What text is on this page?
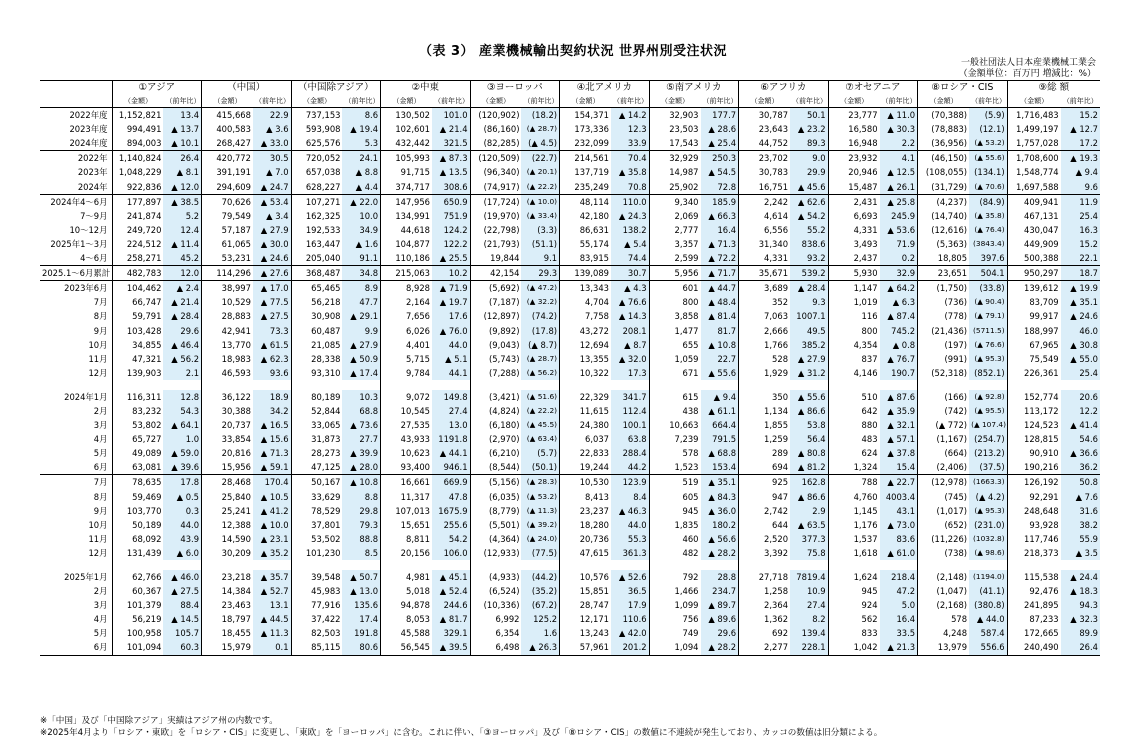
（表 3） 産業機械輸出契約状況 世界州別受注状況
一般社団法人日本産業機械工業会
（金額単位：百万円 増減比：%）
	①アジア		（中国）		（中国除アジア）		②中東		③ヨーロッパ		④北アメリカ		⑤南アメリカ		⑥アフリカ		⑦オセアニア		⑧ロシア・CIS		⑨総 額	
	（金額）	（前年比）	（金額）	（前年比）	（金額）	（前年比）	（金額）	（前年比）	（金額）	（前年比）	（金額）	（前年比）	（金額）	（前年比）	（金額）	（前年比）	（金額）	（前年比）	（金額）	（前年比）	（金額）	（前年比）
2022年度	1,152,821	13.4	415,668	22.9	737,153	8.6	130,502	101.0	(120,902)	(18.2)	154,371	▲ 14.2	32,903	177.7	30,787	50.1	23,777	▲ 11.0	(70,388)	(5.9)	1,716,483	15.2
2023年度	994,491	▲ 13.7	400,583	▲ 3.6	593,908	▲ 19.4	102,601	▲ 21.4	(86,160)	(▲ 28.7)	173,336	12.3	23,503	▲ 28.6	23,643	▲ 23.2	16,580	▲ 30.3	(78,883)	(12.1)	1,499,197	▲ 12.7
2024年度	894,003	▲ 10.1	268,427	▲ 33.0	625,576	5.3	432,442	321.5	(82,285)	(▲ 4.5)	232,099	33.9	17,543	▲ 25.4	44,752	89.3	16,948	2.2	(36,956)	(▲ 53.2)	1,757,028	17.2
2022年	1,140,824	26.4	420,772	30.5	720,052	24.1	105,993	▲ 87.3	(120,509)	(22.7)	214,561	70.4	32,929	250.3	23,702	9.0	23,932	4.1	(46,150)	(▲ 55.6)	1,708,600	▲ 19.3
2023年	1,048,229	▲ 8.1	391,191	▲ 7.0	657,038	▲ 8.8	91,715	▲ 13.5	(96,340)	(▲ 20.1)	137,719	▲ 35.8	14,987	▲ 54.5	30,783	29.9	20,946	▲ 12.5	(108,055)	(134.1)	1,548,774	▲ 9.4
2024年	922,836	▲ 12.0	294,609	▲ 24.7	628,227	▲ 4.4	374,717	308.6	(74,917)	(▲ 22.2)	235,249	70.8	25,902	72.8	16,751	▲ 45.6	15,487	▲ 26.1	(31,729)	(▲ 70.6)	1,697,588	9.6
2024年4〜6月	177,897	▲ 38.5	70,626	▲ 53.4	107,271	▲ 22.0	147,956	650.9	(17,724)	(▲ 10.0)	48,114	110.0	9,340	185.9	2,242	▲ 62.6	2,431	▲ 25.8	(4,237)	(84.9)	409,941	11.9
7〜9月	241,874	5.2	79,549	▲ 3.4	162,325	10.0	134,991	751.9	(19,970)	(▲ 33.4)	42,180	▲ 24.3	2,069	▲ 66.3	4,614	▲ 54.2	6,693	245.9	(14,740)	(▲ 35.8)	467,131	25.4
10〜12月	249,720	12.4	57,187	▲ 27.9	192,533	34.9	44,618	124.2	(22,798)	(3.3)	86,631	138.2	2,777	16.4	6,556	55.2	4,331	▲ 53.6	(12,616)	(▲ 76.4)	430,047	16.3
2025年1〜3月	224,512	▲ 11.4	61,065	▲ 30.0	163,447	▲ 1.6	104,877	122.2	(21,793)	(51.1)	55,174	▲ 5.4	3,357	▲ 71.3	31,340	838.6	3,493	71.9	(5,363)	(3843.4)	449,909	15.2
4〜6月	258,271	45.2	53,231	▲ 24.6	205,040	91.1	110,186	▲ 25.5	19,844	9.1	83,915	74.4	2,599	▲ 72.2	4,331	93.2	2,437	0.2	18,805	397.6	500,388	22.1
2025.1〜6月累計	482,783	12.0	114,296	▲ 27.6	368,487	34.8	215,063	10.2	42,154	29.3	139,089	30.7	5,956	▲ 71.7	35,671	539.2	5,930	32.9	23,651	504.1	950,297	18.7
2023年6月	104,462	▲ 2.4	38,997	▲ 17.0	65,465	8.9	8,928	▲ 71.9	(5,692)	(▲ 47.2)	13,343	▲ 4.3	601	▲ 44.7	3,689	▲ 28.4	1,147	▲ 64.2	(1,750)	(33.8)	139,612	▲ 19.9
7月	66,747	▲ 21.4	10,529	▲ 77.5	56,218	47.7	2,164	▲ 19.7	(7,187)	(▲ 32.2)	4,704	▲ 76.6	800	▲ 48.4	352	9.3	1,019	▲ 6.3	(736)	(▲ 90.4)	83,709	▲ 35.1
8月	59,791	▲ 28.4	28,883	▲ 27.5	30,908	▲ 29.1	7,656	17.6	(12,897)	(74.2)	7,758	▲ 14.3	3,858	▲ 81.4	7,063	1007.1	116	▲ 87.4	(778)	(▲ 79.1)	99,917	▲ 24.6
9月	103,428	29.6	42,941	73.3	60,487	9.9	6,026	▲ 76.0	(9,892)	(17.8)	43,272	208.1	1,477	81.7	2,666	49.5	800	745.2	(21,436)	(5711.5)	188,997	46.0
10月	34,855	▲ 46.4	13,770	▲ 61.5	21,085	▲ 27.9	4,401	44.0	(9,043)	(▲ 8.7)	12,694	▲ 8.7	655	▲ 10.8	1,766	385.2	4,354	▲ 0.8	(197)	(▲ 76.6)	67,965	▲ 30.8
11月	47,321	▲ 56.2	18,983	▲ 62.3	28,338	▲ 50.9	5,715	▲ 5.1	(5,743)	(▲ 28.7)	13,355	▲ 32.0	1,059	22.7	528	▲ 27.9	837	▲ 76.7	(991)	(▲ 95.3)	75,549	▲ 55.0
12月	139,903	2.1	46,593	93.6	93,310	▲ 17.4	9,784	44.1	(7,288)	(▲ 56.2)	10,322	17.3	671	▲ 55.6	1,929	▲ 31.2	4,146	190.7	(52,318)	(852.1)	226,361	25.4

2024年1月	116,311	12.8	36,122	18.9	80,189	10.3	9,072	149.8	(3,421)	(▲ 51.6)	22,329	341.7	615	▲ 9.4	350	▲ 55.6	510	▲ 87.6	(166)	(▲ 92.8)	152,774	20.6
2月	83,232	54.3	30,388	34.2	52,844	68.8	10,545	27.4	(4,824)	(▲ 22.2)	11,615	112.4	438	▲ 61.1	1,134	▲ 86.6	642	▲ 35.9	(742)	(▲ 95.5)	113,172	12.2
3月	53,802	▲ 64.1	20,737	▲ 16.5	33,065	▲ 73.6	27,535	13.0	(6,180)	(▲ 45.5)	24,380	100.1	10,663	664.4	1,855	53.8	880	▲ 32.1	(▲ 772)	(▲ 107.4)	124,523	▲ 41.4
4月	65,727	1.0	33,854	▲ 15.6	31,873	27.7	43,933	1191.8	(2,970)	(▲ 63.4)	6,037	63.8	7,239	791.5	1,259	56.4	483	▲ 57.1	(1,167)	(254.7)	128,815	54.6
5月	49,089	▲ 59.0	20,816	▲ 71.3	28,273	▲ 39.9	10,623	▲ 44.1	(6,210)	(5.7)	22,833	288.4	578	▲ 68.8	289	▲ 80.8	624	▲ 37.8	(664)	(213.2)	90,910	▲ 36.6
6月	63,081	▲ 39.6	15,956	▲ 59.1	47,125	▲ 28.0	93,400	946.1	(8,544)	(50.1)	19,244	44.2	1,523	153.4	694	▲ 81.2	1,324	15.4	(2,406)	(37.5)	190,216	36.2
7月	78,635	17.8	28,468	170.4	50,167	▲ 10.8	16,661	669.9	(5,156)	(▲ 28.3)	10,530	123.9	519	▲ 35.1	925	162.8	788	▲ 22.7	(12,978)	(1663.3)	126,192	50.8
8月	59,469	▲ 0.5	25,840	▲ 10.5	33,629	8.8	11,317	47.8	(6,035)	(▲ 53.2)	8,413	8.4	605	▲ 84.3	947	▲ 86.6	4,760	4003.4	(745)	(▲ 4.2)	92,291	▲ 7.6
9月	103,770	0.3	25,241	▲ 41.2	78,529	29.8	107,013	1675.9	(8,779)	(▲ 11.3)	23,237	▲ 46.3	945	▲ 36.0	2,742	2.9	1,145	43.1	(1,017)	(▲ 95.3)	248,648	31.6
10月	50,189	44.0	12,388	▲ 10.0	37,801	79.3	15,651	255.6	(5,501)	(▲ 39.2)	18,280	44.0	1,835	180.2	644	▲ 63.5	1,176	▲ 73.0	(652)	(231.0)	93,928	38.2
11月	68,092	43.9	14,590	▲ 23.1	53,502	88.8	8,811	54.2	(4,364)	(▲ 24.0)	20,736	55.3	460	▲ 56.6	2,520	377.3	1,537	83.6	(11,226)	(1032.8)	117,746	55.9
12月	131,439	▲ 6.0	30,209	▲ 35.2	101,230	8.5	20,156	106.0	(12,933)	(77.5)	47,615	361.3	482	▲ 28.2	3,392	75.8	1,618	▲ 61.0	(738)	(▲ 98.6)	218,373	▲ 3.5

2025年1月	62,766	▲ 46.0	23,218	▲ 35.7	39,548	▲ 50.7	4,981	▲ 45.1	(4,933)	(44.2)	10,576	▲ 52.6	792	28.8	27,718	7819.4	1,624	218.4	(2,148)	(1194.0)	115,538	▲ 24.4
2月	60,367	▲ 27.5	14,384	▲ 52.7	45,983	▲ 13.0	5,018	▲ 52.4	(6,524)	(35.2)	15,851	36.5	1,466	234.7	1,258	10.9	945	47.2	(1,047)	(41.1)	92,476	▲ 18.3
3月	101,379	88.4	23,463	13.1	77,916	135.6	94,878	244.6	(10,336)	(67.2)	28,747	17.9	1,099	▲ 89.7	2,364	27.4	924	5.0	(2,168)	(380.8)	241,895	94.3
4月	56,219	▲ 14.5	18,797	▲ 44.5	37,422	17.4	8,053	▲ 81.7	6,992	125.2	12,171	110.6	756	▲ 89.6	1,362	8.2	562	16.4	578	▲ 44.0	87,233	▲ 32.3
5月	100,958	105.7	18,455	▲ 11.3	82,503	191.8	45,588	329.1	6,354	1.6	13,243	▲ 42.0	749	29.6	692	139.4	833	33.5	4,248	587.4	172,665	89.9
6月	101,094	60.3	15,979	0.1	85,115	80.6	56,545	▲ 39.5	6,498	▲ 26.3	57,961	201.2	1,094	▲ 28.2	2,277	228.1	1,042	▲ 21.3	13,979	556.6	240,490	26.4
※「中国」及び「中国除アジア」実績はアジア州の内数です。
※2025年4月より「ロシア・東欧」を「ロシア・CIS」に変更し、「東欧」を「ヨーロッパ」に含む。これに伴い、「③ヨーロッパ」及び「⑧ロシア・CIS」の数値に不連続が発生しており、カッコの数値は旧分類による。
